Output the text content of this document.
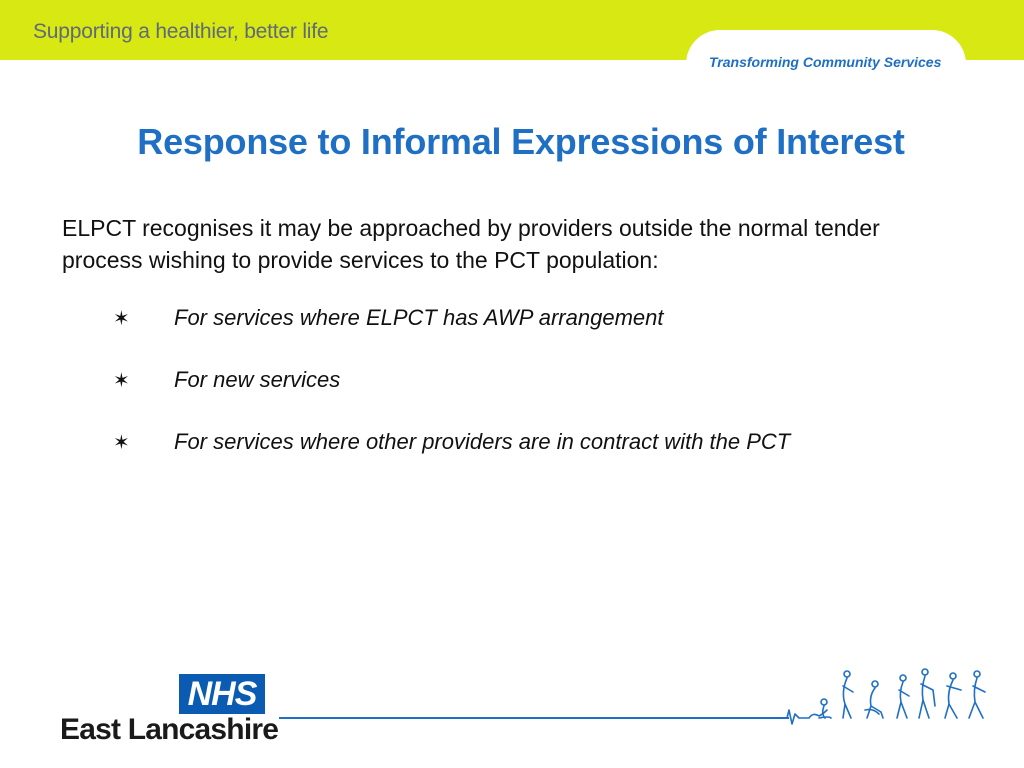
Supporting a healthier, better life
Transforming Community Services
Response to Informal Expressions of Interest
ELPCT recognises it may be approached by providers outside the normal tender process wishing to provide services to the PCT population:
✶	For services where ELPCT has AWP arrangement
✶	For new services
✶	For services where other providers are in contract with the PCT
NHS
East Lancashire
